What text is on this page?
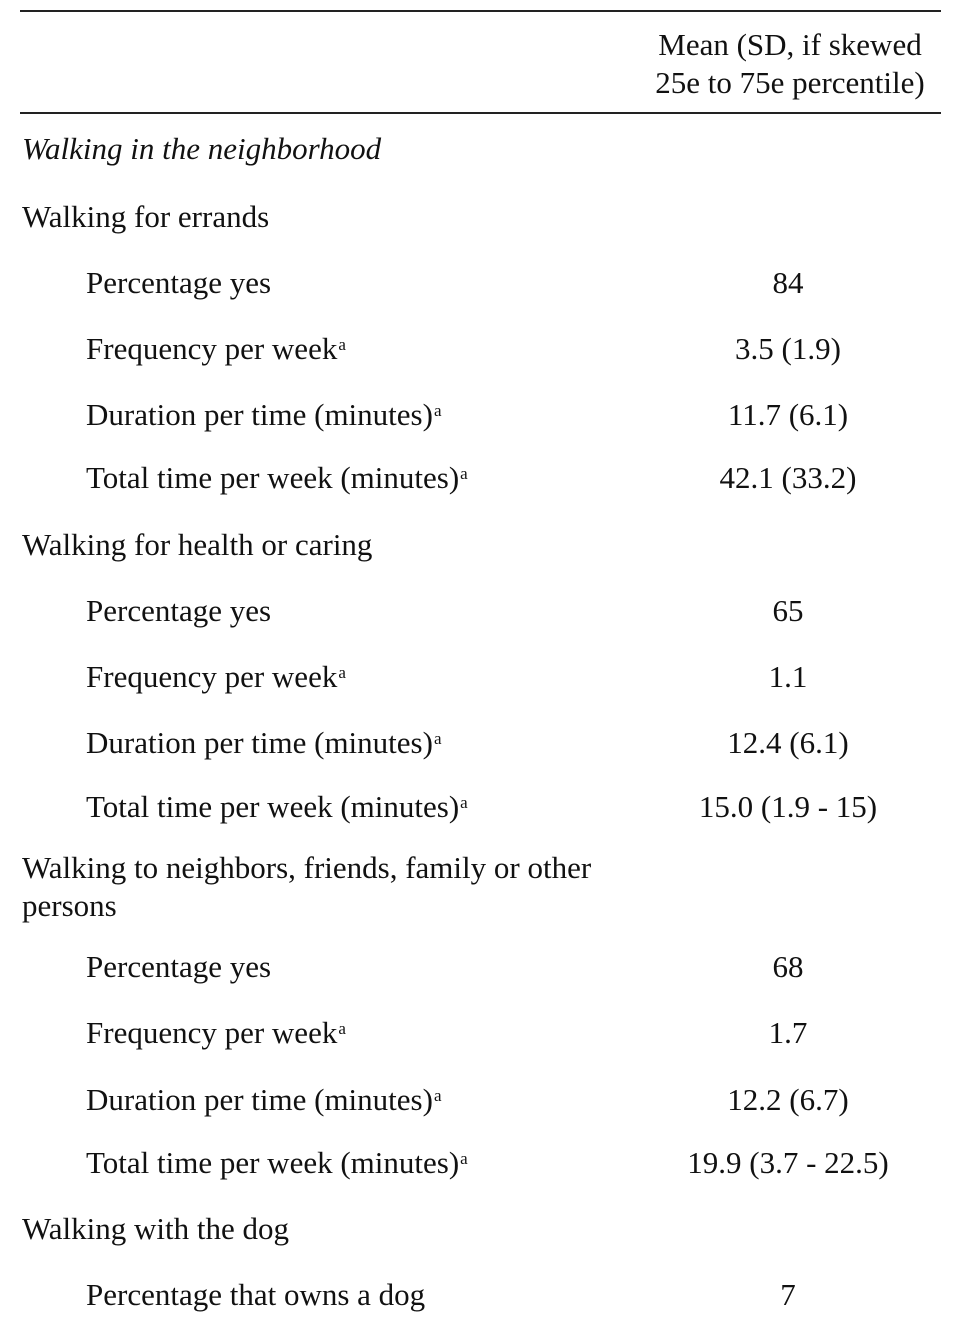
Mean (SD, if skewed
25e to 75e percentile)
Walking in the neighborhood
Walking for errands
Percentage yes	84
Frequency per week$^a$	3.5 (1.9)
Duration per time (minutes)$^a$	11.7 (6.1)
Total time per week (minutes)$^a$	42.1 (33.2)
Walking for health or caring
Percentage yes	65
Frequency per week$^a$	1.1
Duration per time (minutes)$^a$	12.4 (6.1)
Total time per week (minutes)$^a$	15.0 (1.9 - 15)
Walking to neighbors, friends, family or other persons
Percentage yes	68
Frequency per week$^a$	1.7
Duration per time (minutes)$^a$	12.2 (6.7)
Total time per week (minutes)$^a$	19.9 (3.7 - 22.5)
Walking with the dog
Percentage that owns a dog	7
